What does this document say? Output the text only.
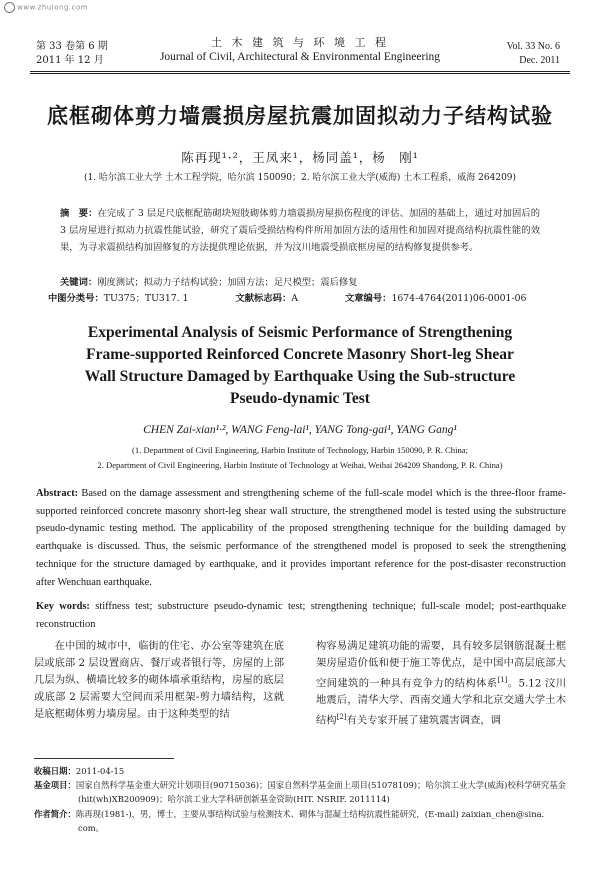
www.zhulong.com
第 33 卷第 6 期
2011 年 12 月
土 木 建 筑 与 环 境 工 程
Journal of Civil, Architectural & Environmental Engineering
Vol. 33 No. 6
Dec. 2011
底框砌体剪力墙震损房屋抗震加固拟动力子结构试验
陈再现¹·²，王凤来¹，杨同盖¹，杨　刚¹
(1. 哈尔滨工业大学 土木工程学院，哈尔滨 150090；2. 哈尔滨工业大学(威海) 土木工程系，威海 264209)
摘　要：在完成了 3 层足尺底框配筋砌块短肢砌体剪力墙震损房屋损伤程度的评估、加固的基础上，通过对加固后的 3 层房屋进行拟动力抗震性能试验，研究了震后受损结构构件所用加固方法的适用性和加固对提高结构抗震性能的效果，为寻求震损结构加固修复的方法提供理论依据，并为汶川地震受损底框房屋的结构修复提供参考。
关键词：刚度测试；拟动力子结构试验；加固方法；足尺模型；震后修复
中图分类号：TU375；TU317. 1	文献标志码：A	文章编号：1674-4764(2011)06-0001-06
Experimental Analysis of Seismic Performance of Strengthening
Frame-supported Reinforced Concrete Masonry Short-leg Shear
Wall Structure Damaged by Earthquake Using the Sub-structure
Pseudo-dynamic Test
CHEN Zai-xian¹·², WANG Feng-lai¹, YANG Tong-gai¹, YANG Gang¹
(1. Department of Civil Engineering, Harbin Institute of Technology, Harbin 150090, P. R. China;
2. Department of Civil Engineering, Harbin Institute of Technology at Weihai, Weihai 264209 Shandong, P. R. China)
Abstract: Based on the damage assessment and strengthening scheme of the full-scale model which is the three-floor frame-supported reinforced concrete masonry short-leg shear wall structure, the strengthened model is tested using the substructure pseudo-dynamic testing method. The applicability of the proposed strengthening technique for the building damaged by earthquake is discussed. Thus, the seismic performance of the strengthened model is proposed to seek the strengthening technique for the structure damaged by earthquake, and it provides important reference for the post-disaster reconstruction after Wenchuan earthquake.
Key words: stiffness test; substructure pseudo-dynamic test; strengthening technique; full-scale model; post-earthquake reconstruction
在中国的城市中，临街的住宅、办公室等建筑在底层或底部 2 层设置商店、餐厅或者银行等，房屋的上部几层为纵、横墙比较多的砌体墙承重结构，房屋的底层或底部 2 层需要大空间而采用框架-剪力墙结构，这就是底框砌体剪力墙房屋。由于这种类型的结
构容易满足建筑功能的需要，具有较多层钢筋混凝土框架房屋造价低和便于施工等优点，是中国中高层底部大空间建筑的一种具有竞争力的结构体系[1]。5.12 汶川地震后，清华大学、西南交通大学和北京交通大学土木结构[2]有关专家开展了建筑震害调查，调
收稿日期：2011-04-15
基金项目：国家自然科学基金重大研究计划项目(90715036)；国家自然科学基金面上项目(51078109)；哈尔滨工业大学(威海)校科学研究基金(hit(wh)XB200909)；哈尔滨工业大学科研创新基金资助(HIT. NSRIF. 2011114)
作者简介：陈再现(1981-)，男，博士，主要从事结构试验与检测技术、砌体与混凝土结构抗震性能研究，(E-mail) zaixian_chen@sina. com。
